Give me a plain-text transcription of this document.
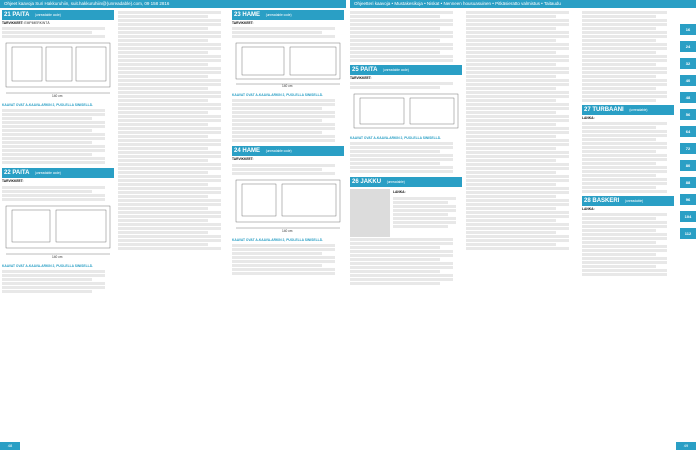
Ohjeet kaavoja Suri Hakkuruhiin, suit.hakkuruhiin@(unreadable).com, 09 158 2816	Ohjeetteri kaavoja • Mustakesikoja • Niskat • Nenneen housuasuinen • Pitkäsieratto valmistus • Taitaudu
21 PAITA (unreadable code)
TARVIKKEET: EMPIMERKINTÄ
140 cm
KAAVAT OVAT A-KAAVA-ARKIN 2, PUOLELLA SINISELLÄ.
22 PAITA (unreadable code)
TARVIKKEET:
140 cm
KAAVAT OVAT A-KAAVA-ARKIN 2, PUOLELLA SINISELLÄ.
23 HAME (unreadable code)
TARVIKKEET:
140 cm
KAAVAT OVAT A-KAAVA-ARKIN 2, PUOLELLA SINISELLÄ.
24 HAME (unreadable code)
TARVIKKEET:
140 cm
KAAVAT OVAT A-KAAVA-ARKIN 2, PUOLELLA SINISELLÄ.
25 PAITA (unreadable code)
TARVIKKEET:
KAAVAT OVAT A-KAAVA-ARKIN 2, PUOLELLA SINISELLÄ.
26 JAKKU (unreadable)
LANKA:
27 TURBAANI (unreadable)
LANKA:
28 BASKERI (unreadable)
LANKA:
16
24
32
40
48
56
64
72
80
88
96
104
112
48	49
